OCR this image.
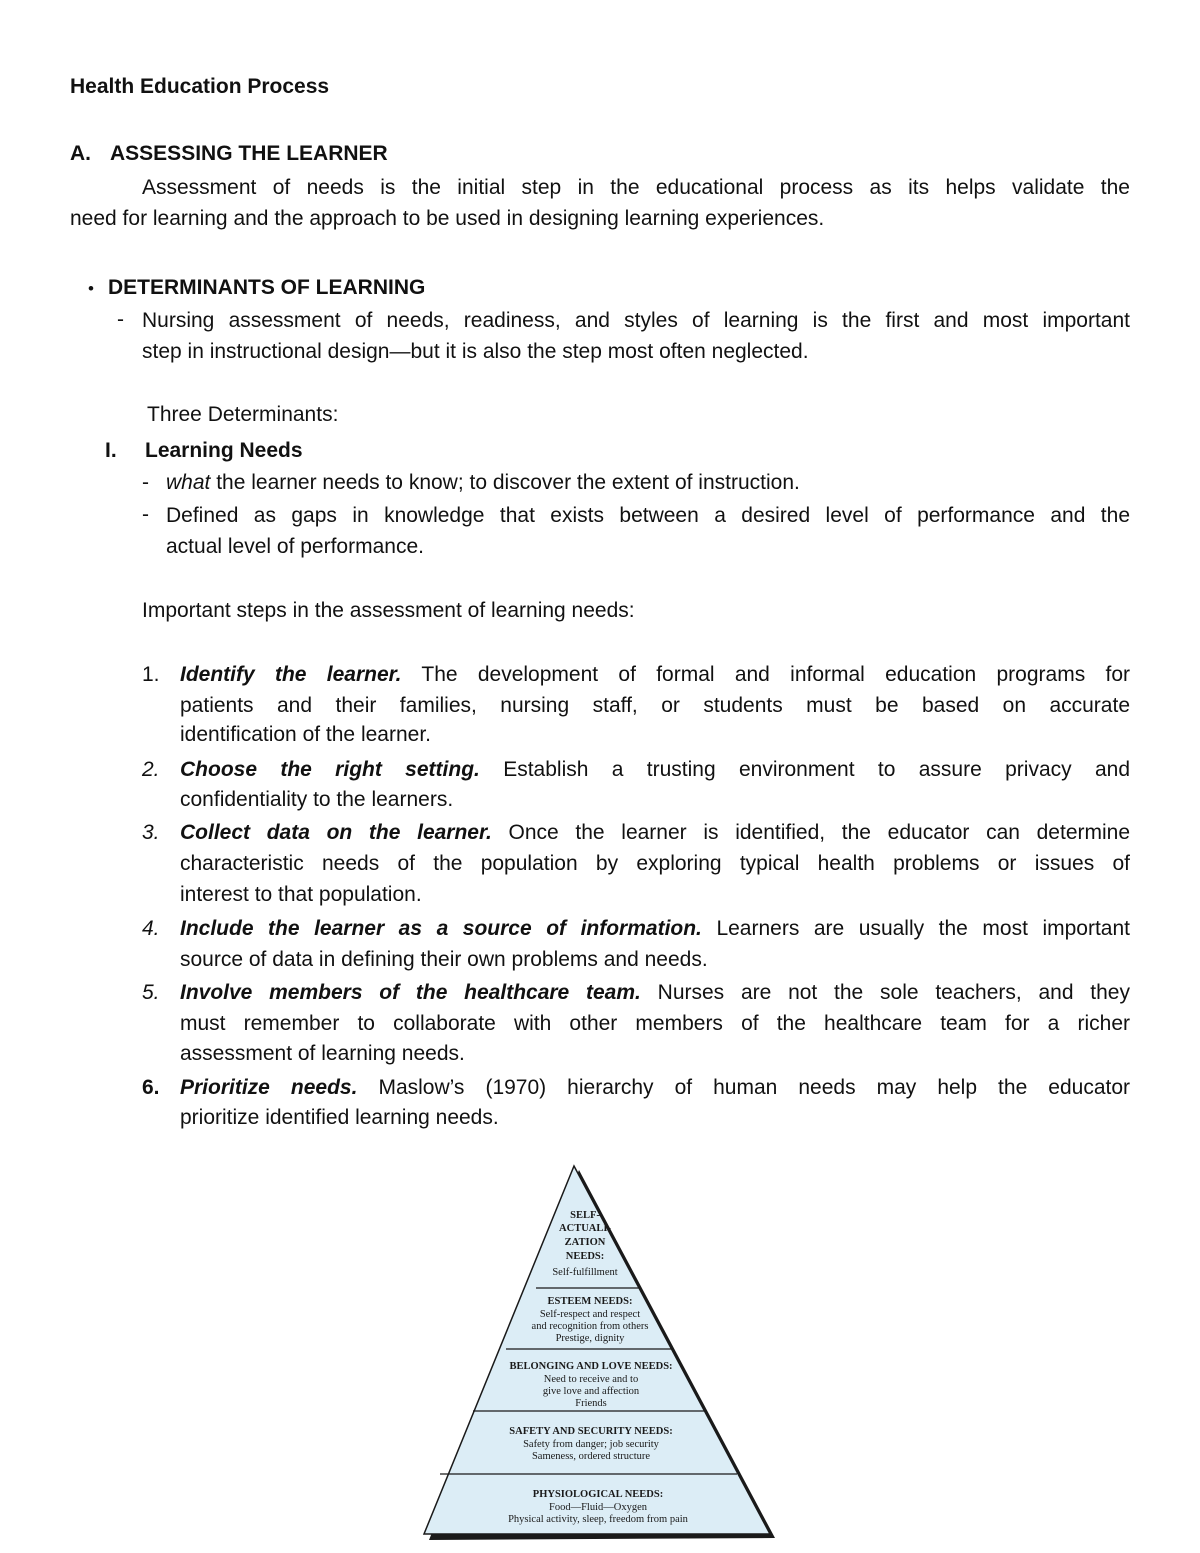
Health Education Process
A. ASSESSING THE LEARNER
Assessment of needs is the initial step in the educational process as its helps validate the
need for learning and the approach to be used in designing learning experiences.
• DETERMINANTS OF LEARNING
- Nursing assessment of needs, readiness, and styles of learning is the first and most important
step in instructional design—but it is also the step most often neglected.
Three Determinants:
I. Learning Needs
- what the learner needs to know; to discover the extent of instruction.
- Defined as gaps in knowledge that exists between a desired level of performance and the
actual level of performance.
Important steps in the assessment of learning needs:
1. Identify the learner. The development of formal and informal education programs for
patients and their families, nursing staff, or students must be based on accurate
identification of the learner.
2. Choose the right setting. Establish a trusting environment to assure privacy and
confidentiality to the learners.
3. Collect data on the learner. Once the learner is identified, the educator can determine
characteristic needs of the population by exploring typical health problems or issues of
interest to that population.
4. Include the learner as a source of information. Learners are usually the most important
source of data in defining their own problems and needs.
5. Involve members of the healthcare team. Nurses are not the sole teachers, and they
must remember to collaborate with other members of the healthcare team for a richer
assessment of learning needs.
6. Prioritize needs. Maslow’s (1970) hierarchy of human needs may help the educator
prioritize identified learning needs.
SELF-
ACTUALI-
ZATION
NEEDS:
Self-fulfillment
ESTEEM NEEDS:
Self-respect and respect
and recognition from others
Prestige, dignity
BELONGING AND LOVE NEEDS:
Need to receive and to
give love and affection
Friends
SAFETY AND SECURITY NEEDS:
Safety from danger; job security
Sameness, ordered structure
PHYSIOLOGICAL NEEDS:
Food—Fluid—Oxygen
Physical activity, sleep, freedom from pain
